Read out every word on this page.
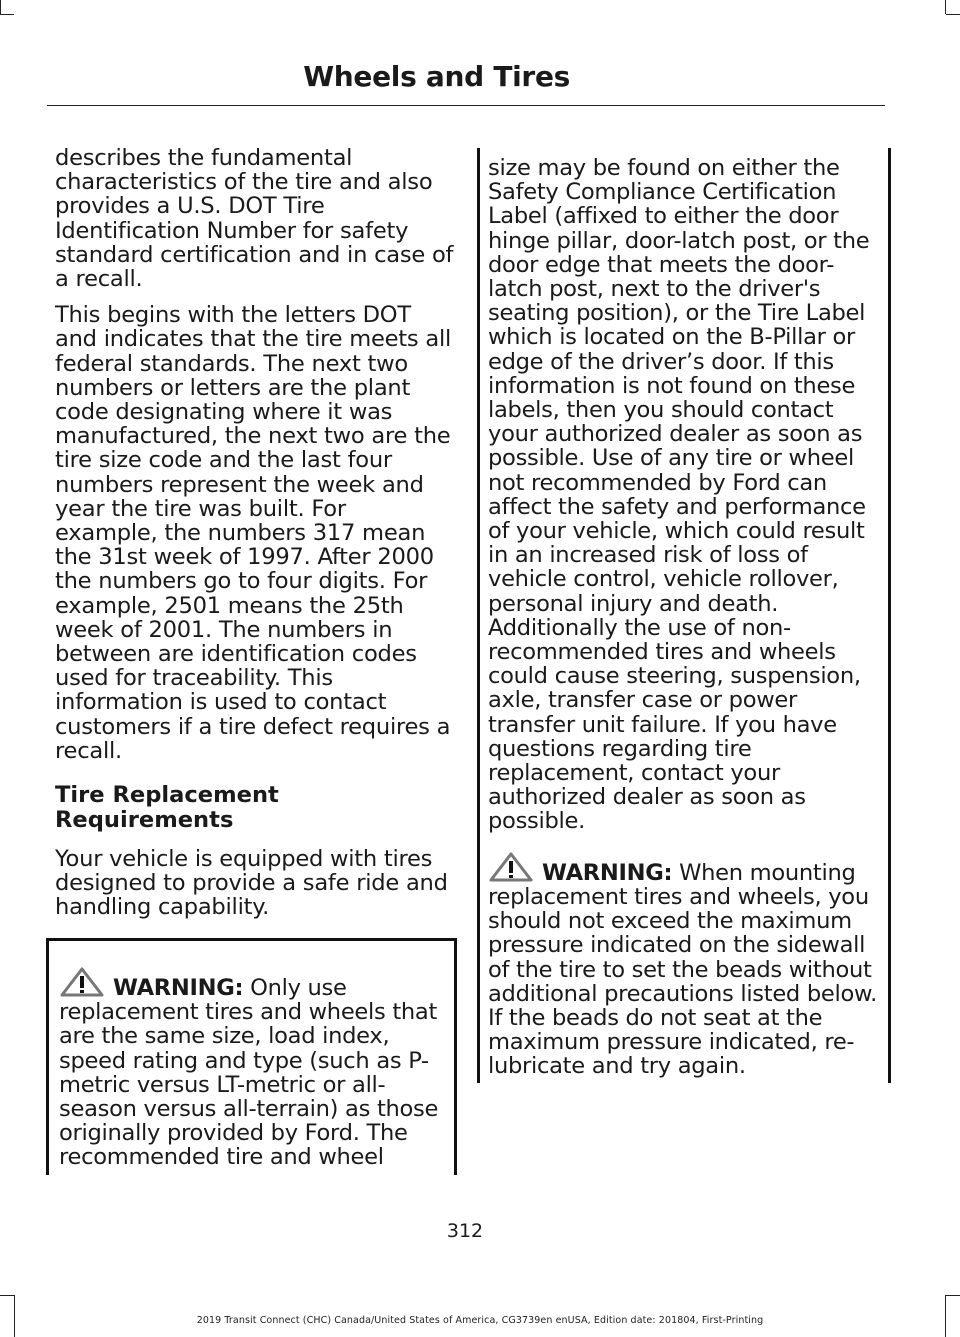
Wheels and Tires

describes the fundamental characteristics of the tire and also provides a U.S. DOT Tire Identification Number for safety standard certification and in case of a recall.

This begins with the letters DOT and indicates that the tire meets all federal standards. The next two numbers or letters are the plant code designating where it was manufactured, the next two are the tire size code and the last four numbers represent the week and year the tire was built. For example, the numbers 317 mean the 31st week of 1997. After 2000 the numbers go to four digits. For example, 2501 means the 25th week of 2001. The numbers in between are identification codes used for traceability. This information is used to contact customers if a tire defect requires a recall.

Tire Replacement Requirements

Your vehicle is equipped with tires designed to provide a safe ride and handling capability.

WARNING: Only use replacement tires and wheels that are the same size, load index, speed rating and type (such as P-metric versus LT-metric or all-season versus all-terrain) as those originally provided by Ford. The recommended tire and wheel

size may be found on either the Safety Compliance Certification Label (affixed to either the door hinge pillar, door-latch post, or the door edge that meets the door-latch post, next to the driver's seating position), or the Tire Label which is located on the B-Pillar or edge of the driver’s door. If this information is not found on these labels, then you should contact your authorized dealer as soon as possible. Use of any tire or wheel not recommended by Ford can affect the safety and performance of your vehicle, which could result in an increased risk of loss of vehicle control, vehicle rollover, personal injury and death. Additionally the use of non-recommended tires and wheels could cause steering, suspension, axle, transfer case or power transfer unit failure. If you have questions regarding tire replacement, contact your authorized dealer as soon as possible.

WARNING: When mounting replacement tires and wheels, you should not exceed the maximum pressure indicated on the sidewall of the tire to set the beads without additional precautions listed below. If the beads do not seat at the maximum pressure indicated, re-lubricate and try again.

312
2019 Transit Connect (CHC) Canada/United States of America, CG3739en enUSA, Edition date: 201804, First-Printing
